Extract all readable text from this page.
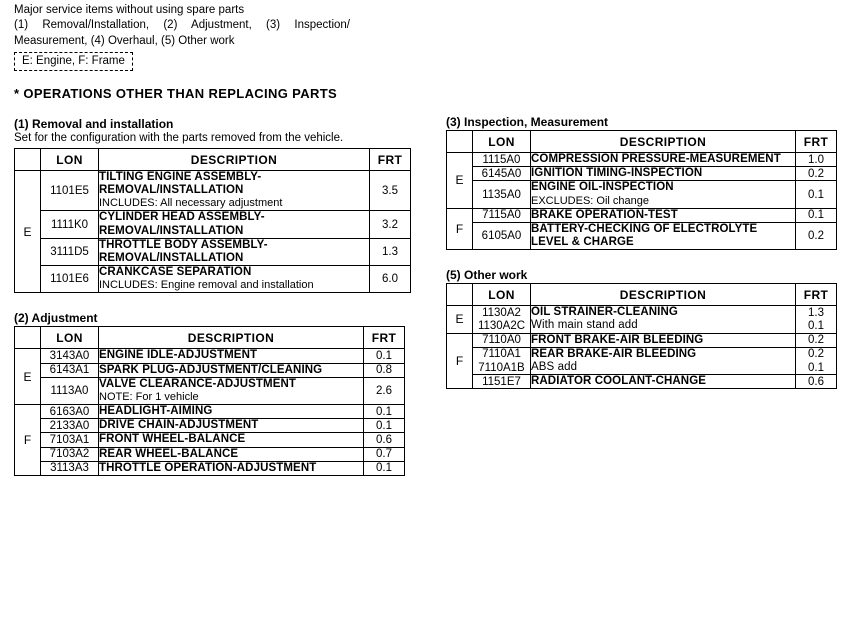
Major service items without using spare parts
(1) Removal/Installation, (2) Adjustment, (3) Inspection/
Measurement, (4) Overhaul, (5) Other work
E: Engine, F: Frame
* OPERATIONS OTHER THAN REPLACING PARTS
(1) Removal and installation
Set for the configuration with the parts removed from the vehicle.
	LON	DESCRIPTION	FRT
E	1101E5	TILTING ENGINE ASSEMBLY-
REMOVAL/INSTALLATION
INCLUDES: All necessary adjustment	3.5
	1111K0	CYLINDER HEAD ASSEMBLY-
REMOVAL/INSTALLATION	3.2
	3111D5	THROTTLE BODY ASSEMBLY-
REMOVAL/INSTALLATION	1.3
	1101E6	CRANKCASE SEPARATION
INCLUDES: Engine removal and installation	6.0
(2) Adjustment
	LON	DESCRIPTION	FRT
E	3143A0	ENGINE IDLE-ADJUSTMENT	0.1
	6143A1	SPARK PLUG-ADJUSTMENT/CLEANING	0.8
	1113A0	VALVE CLEARANCE-ADJUSTMENT
NOTE: For 1 vehicle	2.6
F	6163A0	HEADLIGHT-AIMING	0.1
	2133A0	DRIVE CHAIN-ADJUSTMENT	0.1
	7103A1	FRONT WHEEL-BALANCE	0.6
	7103A2	REAR WHEEL-BALANCE	0.7
	3113A3	THROTTLE OPERATION-ADJUSTMENT	0.1
(3) Inspection, Measurement
	LON	DESCRIPTION	FRT
E	1115A0	COMPRESSION PRESSURE-MEASUREMENT	1.0
	6145A0	IGNITION TIMING-INSPECTION	0.2
	1135A0	ENGINE OIL-INSPECTION
EXCLUDES: Oil change	0.1
F	7115A0	BRAKE OPERATION-TEST	0.1
	6105A0	BATTERY-CHECKING OF ELECTROLYTE
LEVEL & CHARGE	0.2
(5) Other work
	LON	DESCRIPTION	FRT
E	1130A2	OIL STRAINER-CLEANING	1.3
	1130A2C	With main stand add	0.1
F	7110A0	FRONT BRAKE-AIR BLEEDING	0.2
	7110A1	REAR BRAKE-AIR BLEEDING	0.2
	7110A1B	ABS add	0.1
	1151E7	RADIATOR COOLANT-CHANGE	0.6
